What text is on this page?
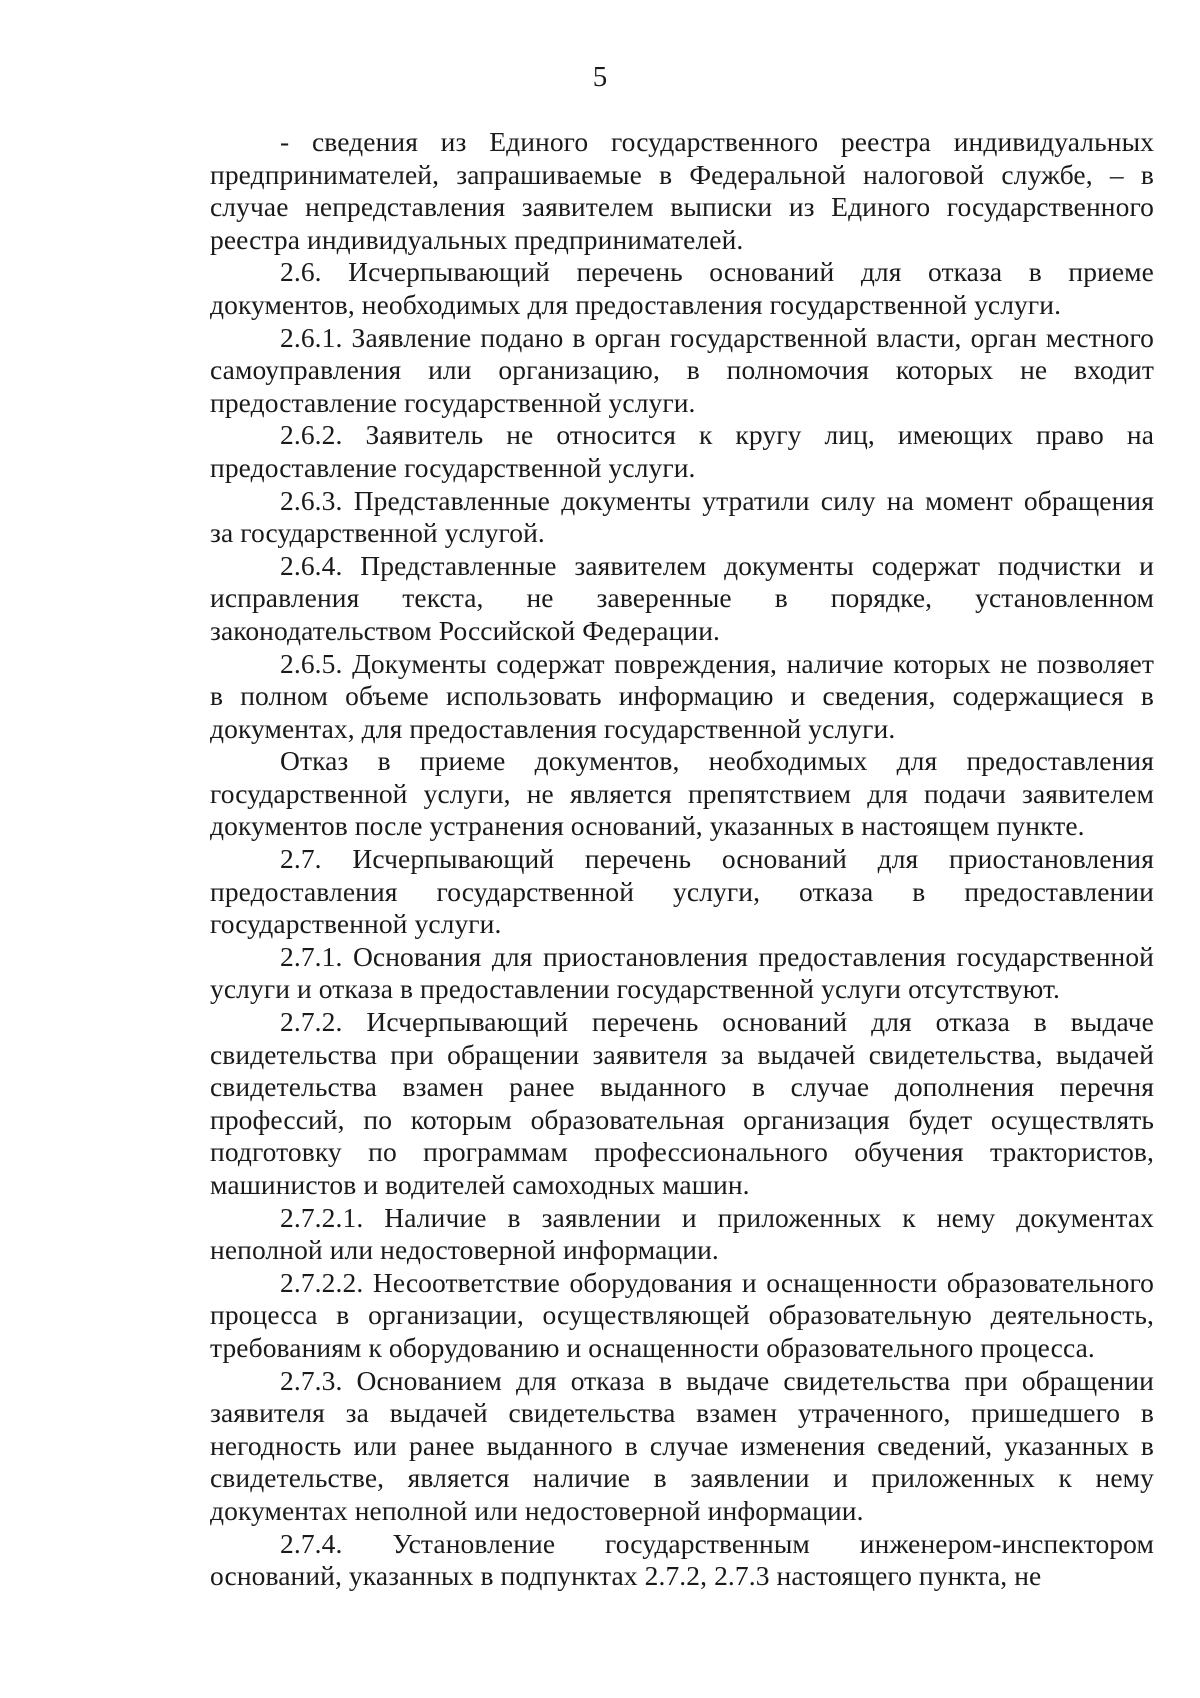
5

- сведения из Единого государственного реестра индивидуальных предпринимателей, запрашиваемые в Федеральной налоговой службе, – в случае непредставления заявителем выписки из Единого государственного реестра индивидуальных предпринимателей.

2.6. Исчерпывающий перечень оснований для отказа в приеме документов, необходимых для предоставления государственной услуги.

2.6.1. Заявление подано в орган государственной власти, орган местного самоуправления или организацию, в полномочия которых не входит предоставление государственной услуги.

2.6.2. Заявитель не относится к кругу лиц, имеющих право на предоставление государственной услуги.

2.6.3. Представленные документы утратили силу на момент обращения за государственной услугой.

2.6.4. Представленные заявителем документы содержат подчистки и исправления текста, не заверенные в порядке, установленном законодательством Российской Федерации.

2.6.5. Документы содержат повреждения, наличие которых не позволяет в полном объеме использовать информацию и сведения, содержащиеся в документах, для предоставления государственной услуги.

Отказ в приеме документов, необходимых для предоставления государственной услуги, не является препятствием для подачи заявителем документов после устранения оснований, указанных в настоящем пункте.

2.7. Исчерпывающий перечень оснований для приостановления предоставления государственной услуги, отказа в предоставлении государственной услуги.

2.7.1. Основания для приостановления предоставления государственной услуги и отказа в предоставлении государственной услуги отсутствуют.

2.7.2. Исчерпывающий перечень оснований для отказа в выдаче свидетельства при обращении заявителя за выдачей свидетельства, выдачей свидетельства взамен ранее выданного в случае дополнения перечня профессий, по которым образовательная организация будет осуществлять подготовку по программам профессионального обучения трактористов, машинистов и водителей самоходных машин.

2.7.2.1. Наличие в заявлении и приложенных к нему документах неполной или недостоверной информации.

2.7.2.2. Несоответствие оборудования и оснащенности образовательного процесса в организации, осуществляющей образовательную деятельность, требованиям к оборудованию и оснащенности образовательного процесса.

2.7.3. Основанием для отказа в выдаче свидетельства при обращении заявителя за выдачей свидетельства взамен утраченного, пришедшего в негодность или ранее выданного в случае изменения сведений, указанных в свидетельстве, является наличие в заявлении и приложенных к нему документах неполной или недостоверной информации.

2.7.4. Установление государственным инженером-инспектором оснований, указанных в подпунктах 2.7.2, 2.7.3 настоящего пункта, не
